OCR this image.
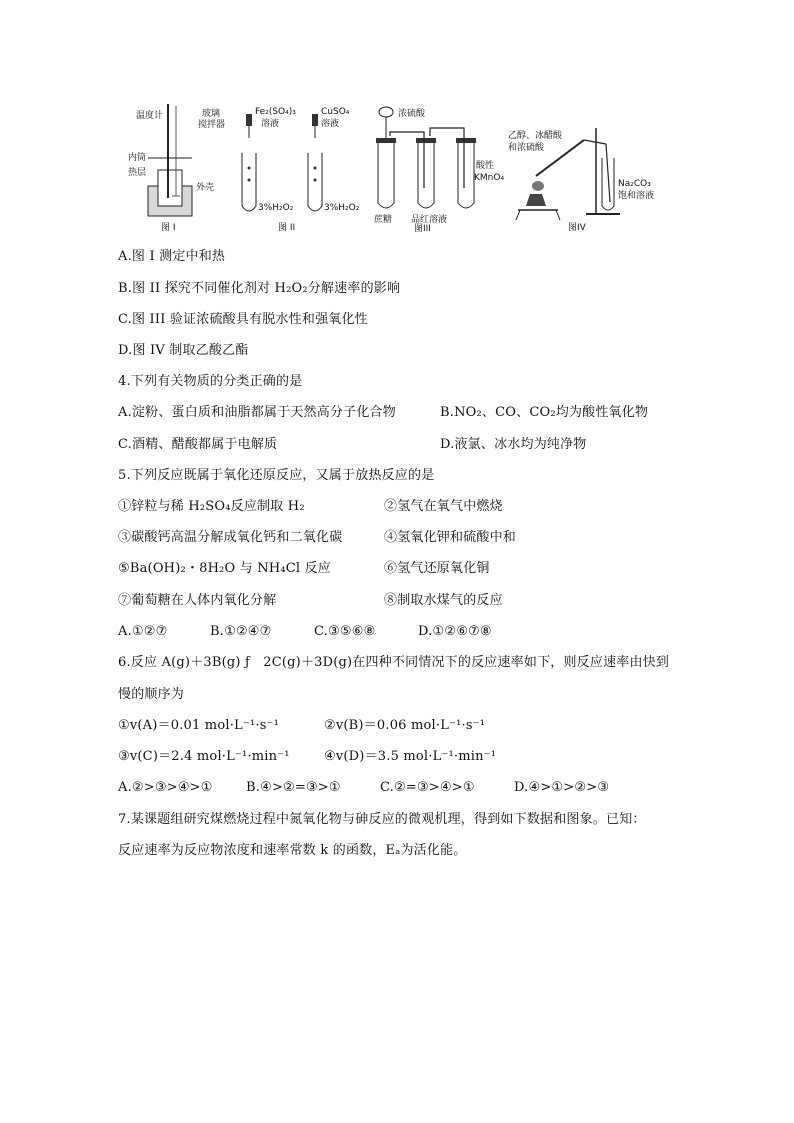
温度计	玻璃
搅拌器
内筒
热层
外壳
图 I
Fe₂(SO₄)₃
溶液
CuSO₄
溶液
3%H₂O₂	3%H₂O₂
图 II
浓硫酸
酸性
KMnO₄
蔗糖 品红溶液
图III
乙醇、冰醋酸
和浓硫酸
Na₂CO₃
饱和溶液
图IV
A.图 I 测定中和热
B.图 II 探究不同催化剂对 H₂O₂分解速率的影响
C.图 III 验证浓硫酸具有脱水性和强氧化性
D.图 IV 制取乙酸乙酯
4.下列有关物质的分类正确的是
A.淀粉、蛋白质和油脂都属于天然高分子化合物	B.NO₂、CO、CO₂均为酸性氧化物
C.酒精、醋酸都属于电解质	D.液氯、冰水均为纯净物
5.下列反应既属于氧化还原反应，又属于放热反应的是
①锌粒与稀 H₂SO₄反应制取 H₂	②氢气在氧气中燃烧
③碳酸钙高温分解成氧化钙和二氧化碳	④氢氧化钾和硫酸中和
⑤Ba(OH)₂・8H₂O 与 NH₄Cl 反应	⑥氢气还原氧化铜
⑦葡萄糖在人体内氧化分解	⑧制取水煤气的反应
A.①②⑦	B.①②④⑦	C.③⑤⑥⑧	D.①②⑥⑦⑧
6.反应 A(g)＋3B(g) ƒ　2C(g)＋3D(g)在四种不同情况下的反应速率如下，则反应速率由快到
慢的顺序为
①v(A)＝0.01 mol·L⁻¹·s⁻¹	②v(B)＝0.06 mol·L⁻¹·s⁻¹
③v(C)＝2.4 mol·L⁻¹·min⁻¹	④v(D)＝3.5 mol·L⁻¹·min⁻¹
A.②>③>④>①	B.④>②=③>①	C.②=③>④>①	D.④>①>②>③
7.某课题组研究煤燃烧过程中氮氧化物与砷反应的微观机理，得到如下数据和图象。已知：
反应速率为反应物浓度和速率常数 k 的函数，Eₐ为活化能。
